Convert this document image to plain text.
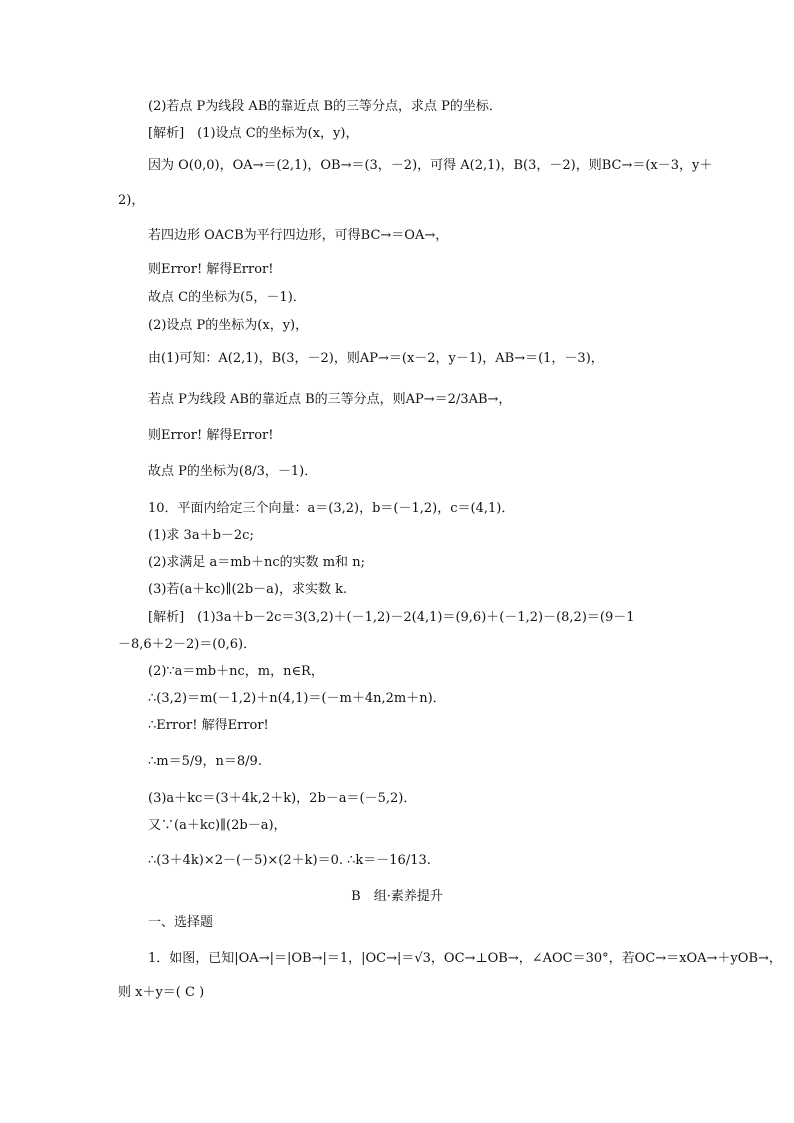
(2)若点 P为线段 AB的靠近点 B的三等分点，求点 P的坐标．
[解析]　(1)设点 C的坐标为(x，y)，
因为 O(0,0)，OA→＝(2,1)，OB→＝(3，－2)，可得 A(2,1)，B(3，－2)，则BC→＝(x－3，y＋
2)，
若四边形 OACB为平行四边形，可得BC→＝OA→，
则Error! 解得Error!
故点 C的坐标为(5，－1)．
(2)设点 P的坐标为(x，y)，
由(1)可知：A(2,1)，B(3，－2)，则AP→＝(x－2，y－1)，AB→＝(1，－3)，
若点 P为线段 AB的靠近点 B的三等分点，则AP→＝2/3AB→，
则Error! 解得Error!
故点 P的坐标为(8/3，－1)．
10．平面内给定三个向量：a＝(3,2)，b＝(－1,2)，c＝(4,1)．
(1)求 3a＋b－2c;
(2)求满足 a＝mb＋nc的实数 m和 n;
(3)若(a＋kc)∥(2b－a)，求实数 k.
[解析]　(1)3a＋b－2c＝3(3,2)＋(－1,2)－2(4,1)＝(9,6)＋(－1,2)－(8,2)＝(9－1
－8,6＋2－2)＝(0,6)．
(2)∵a＝mb＋nc，m，n∈R，
∴(3,2)＝m(－1,2)＋n(4,1)＝(－m＋4n,2m＋n)．
∴Error! 解得Error!
∴m＝5/9，n＝8/9.
(3)a＋kc＝(3＋4k,2＋k)，2b－a＝(－5,2)．
又∵(a＋kc)∥(2b－a)，
∴(3＋4k)×2－(－5)×(2＋k)＝0. ∴k＝－16/13.
B　组·素养提升
一、选择题
1．如图，已知|OA→|＝|OB→|＝1，|OC→|＝√3，OC→⊥OB→，∠AOC＝30°，若OC→＝xOA→＋yOB→，
则 x＋y＝( C )
